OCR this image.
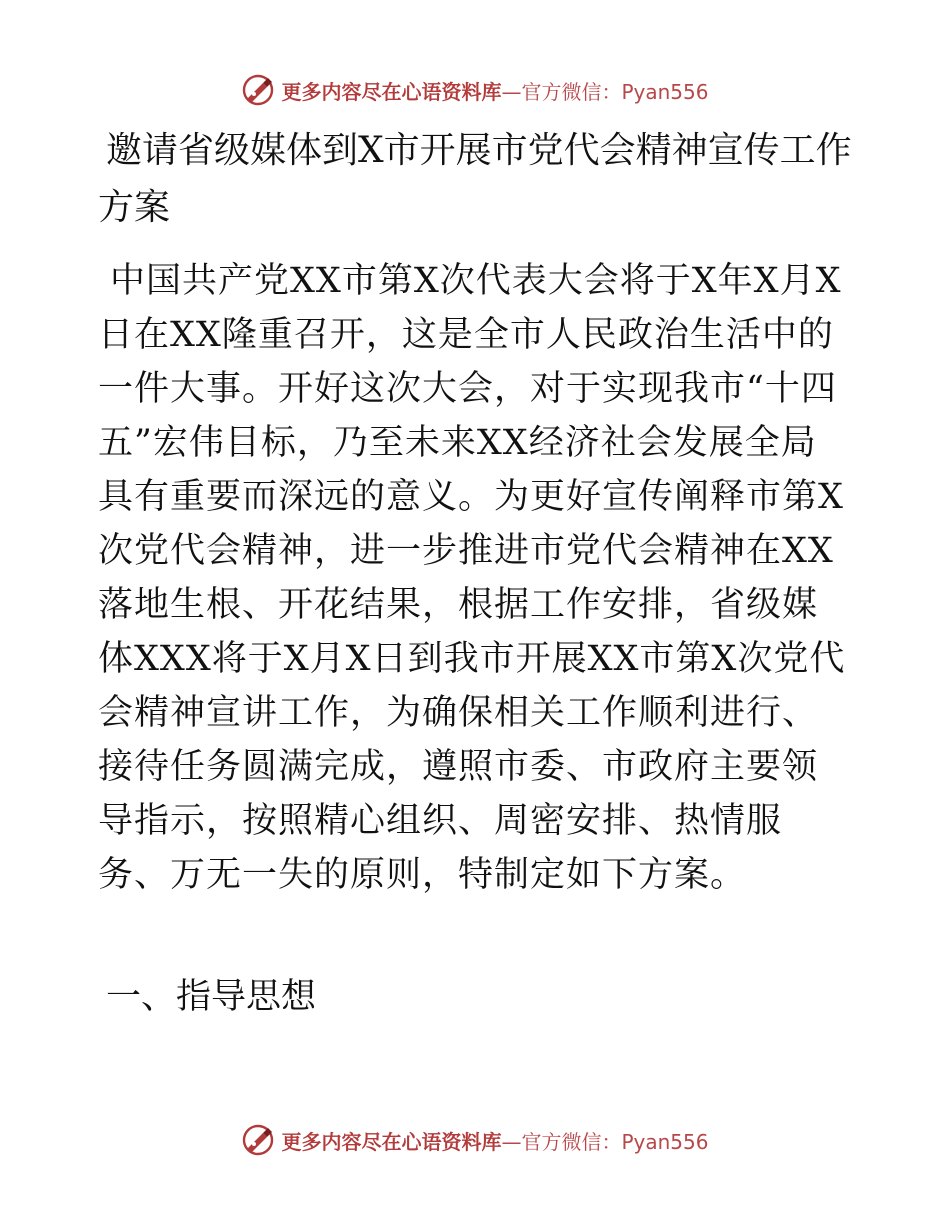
更多内容尽在心语资料库 —官方微信：Pyan556
邀请省级媒体到X市开展市党代会精神宣传工作方案

中国共产党XX市第X次代表大会将于X年X月X日在XX隆重召开，这是全市人民政治生活中的一件大事。开好这次大会，对于实现我市“十四五”宏伟目标，乃至未来XX经济社会发展全局具有重要而深远的意义。为更好宣传阐释市第X次党代会精神，进一步推进市党代会精神在XX落地生根、开花结果，根据工作安排，省级媒体XXX将于X月X日到我市开展XX市第X次党代会精神宣讲工作，为确保相关工作顺利进行、接待任务圆满完成，遵照市委、市政府主要领导指示，按照精心组织、周密安排、热情服务、万无一失的原则，特制定如下方案。

一、指导思想
更多内容尽在心语资料库 —官方微信：Pyan556
